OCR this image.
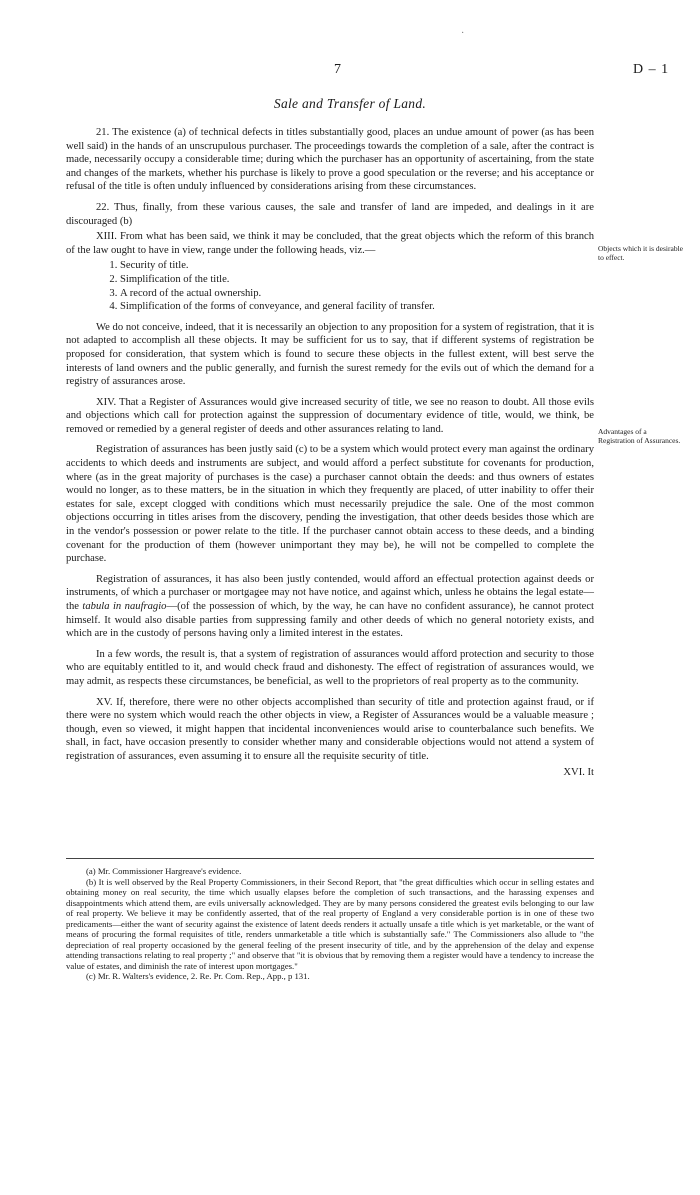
·
7	D – 1
Sale and Transfer of Land.

21. The existence (a) of technical defects in titles substantially good, places an undue amount of power (as has been well said) in the hands of an unscrupulous purchaser. The proceedings towards the completion of a sale, after the contract is made, necessarily occupy a considerable time; during which the purchaser has an opportunity of ascertaining, from the state and changes of the markets, whether his purchase is likely to prove a good speculation or the reverse; and his acceptance or refusal of the title is often unduly influenced by considerations arising from these circumstances.

22. Thus, finally, from these various causes, the sale and transfer of land are impeded, and dealings in it are discouraged (b)

XIII. From what has been said, we think it may be concluded, that the great objects which the reform of this branch of the law ought to have in view, range under the following heads, viz.—

1. Security of title.
2. Simplification of the title.
3. A record of the actual ownership.
4. Simplification of the forms of conveyance, and general facility of transfer.

We do not conceive, indeed, that it is necessarily an objection to any proposition for a system of registration, that it is not adapted to accomplish all these objects. It may be sufficient for us to say, that if different systems of registration be proposed for consideration, that system which is found to secure these objects in the fullest extent, will best serve the interests of land owners and the public generally, and furnish the surest remedy for the evils out of which the demand for a registry of assurances arose.

XIV. That a Register of Assurances would give increased security of title, we see no reason to doubt. All those evils and objections which call for protection against the suppression of documentary evidence of title, would, we think, be removed or remedied by a general register of deeds and other assurances relating to land.

Registration of assurances has been justly said (c) to be a system which would protect every man against the ordinary accidents to which deeds and instruments are subject, and would afford a perfect substitute for covenants for production, where (as in the great majority of purchases is the case) a purchaser cannot obtain the deeds: and thus owners of estates would no longer, as to these matters, be in the situation in which they frequently are placed, of utter inability to offer their estates for sale, except clogged with conditions which must necessarily prejudice the sale. One of the most common objections occurring in titles arises from the discovery, pending the investigation, that other deeds besides those which are in the vendor's possession or power relate to the title. If the purchaser cannot obtain access to these deeds, and a binding covenant for the production of them (however unimportant they may be), he will not be compelled to complete the purchase.

Registration of assurances, it has also been justly contended, would afford an effectual protection against deeds or instruments, of which a purchaser or mortgagee may not have notice, and against which, unless he obtains the legal estate—the tabula in naufragio—(of the possession of which, by the way, he can have no confident assurance), he cannot protect himself. It would also disable parties from suppressing family and other deeds of which no general notoriety exists, and which are in the custody of persons having only a limited interest in the estates.

In a few words, the result is, that a system of registration of assurances would afford protection and security to those who are equitably entitled to it, and would check fraud and dishonesty. The effect of registration of assurances would, we may admit, as respects these circumstances, be beneficial, as well to the proprietors of real property as to the community.

XV. If, therefore, there were no other objects accomplished than security of title and protection against fraud, or if there were no system which would reach the other objects in view, a Register of Assurances would be a valuable measure ; though, even so viewed, it might happen that incidental inconveniences would arise to counterbalance such benefits. We shall, in fact, have occasion presently to consider whether many and considerable objections would not attend a system of registration of assurances, even assuming it to ensure all the requisite security of title.

XVI. It

Objects which it is desirable to effect.
Advantages of a Registration of Assurances.

(a) Mr. Commissioner Hargreave's evidence.

(b) It is well observed by the Real Property Commissioners, in their Second Report, that "the great difficulties which occur in selling estates and obtaining money on real security, the time which usually elapses before the completion of such transactions, and the harassing expenses and disappointments which attend them, are evils universally acknowledged. They are by many persons considered the greatest evils belonging to our law of real property. We believe it may be confidently asserted, that of the real property of England a very considerable portion is in one of these two predicaments—either the want of security against the existence of latent deeds renders it actually unsafe a title which is yet marketable, or the want of means of procuring the formal requisites of title, renders unmarketable a title which is substantially safe." The Commissioners also allude to "the depreciation of real property occasioned by the general feeling of the present insecurity of title, and by the apprehension of the delay and expense attending transactions relating to real property ;" and observe that "it is obvious that by removing them a register would have a tendency to increase the value of estates, and diminish the rate of interest upon mortgages."

(c) Mr. R. Walters's evidence, 2. Re. Pr. Com. Rep., App., p 131.
